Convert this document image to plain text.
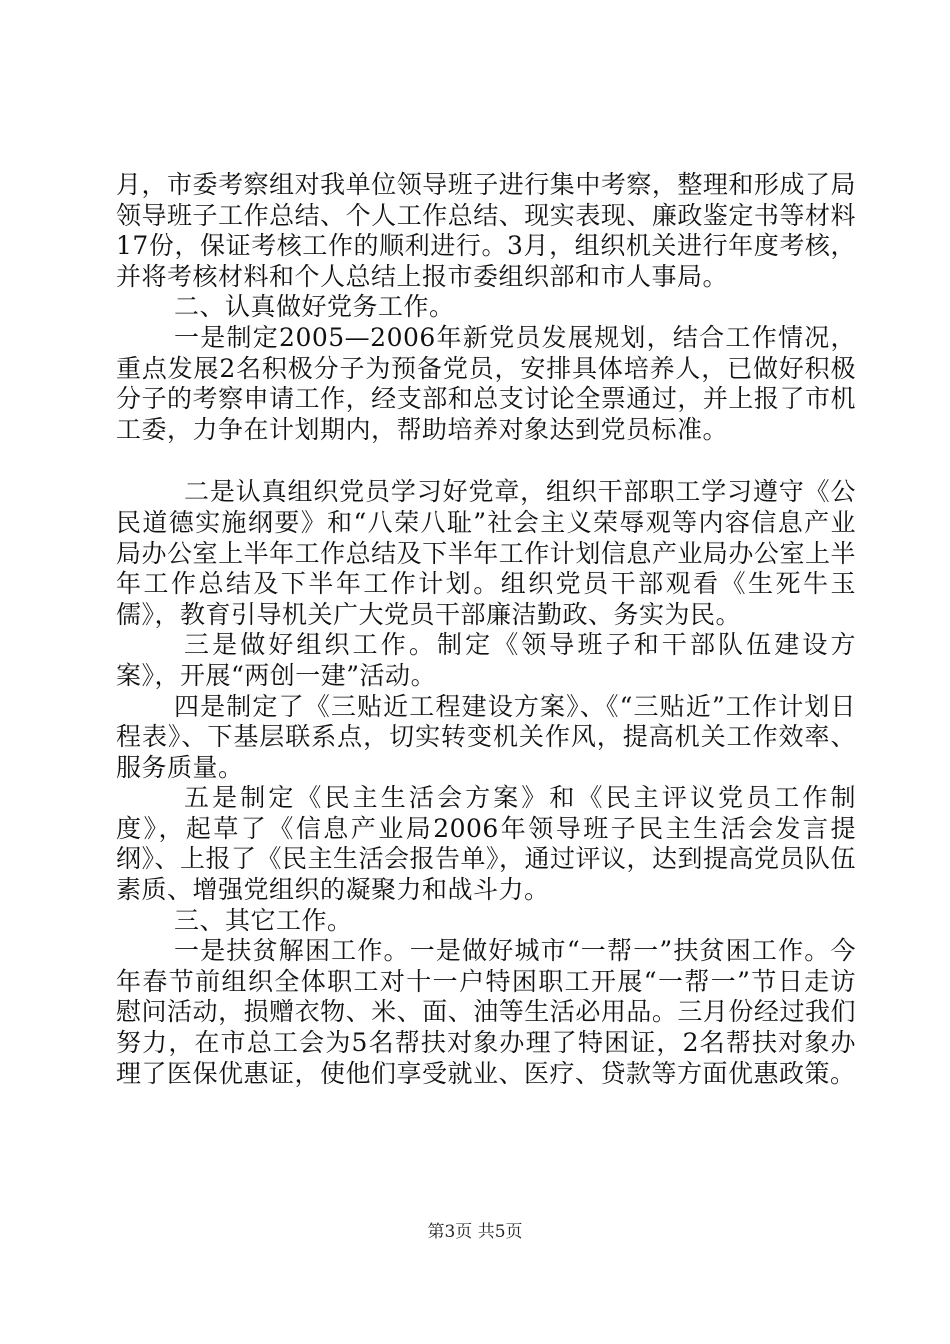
月，市委考察组对我单位领导班子进行集中考察，整理和形成了局领导班子工作总结、个人工作总结、现实表现、廉政鉴定书等材料17份，保证考核工作的顺利进行。3月，组织机关进行年度考核，并将考核材料和个人总结上报市委组织部和市人事局。

二、认真做好党务工作。

一是制定2005—2006年新党员发展规划，结合工作情况，重点发展2名积极分子为预备党员，安排具体培养人，已做好积极分子的考察申请工作，经支部和总支讨论全票通过，并上报了市机工委，力争在计划期内，帮助培养对象达到党员标准。

二是认真组织党员学习好党章，组织干部职工学习遵守《公民道德实施纲要》和“八荣八耻”社会主义荣辱观等内容信息产业局办公室上半年工作总结及下半年工作计划信息产业局办公室上半年工作总结及下半年工作计划。组织党员干部观看《生死牛玉儒》，教育引导机关广大党员干部廉洁勤政、务实为民。

三是做好组织工作。制定《领导班子和干部队伍建设方案》，开展“两创一建”活动。

四是制定了《三贴近工程建设方案》、《“三贴近”工作计划日程表》、下基层联系点，切实转变机关作风，提高机关工作效率、服务质量。

五是制定《民主生活会方案》和《民主评议党员工作制度》，起草了《信息产业局2006年领导班子民主生活会发言提纲》、上报了《民主生活会报告单》，通过评议，达到提高党员队伍素质、增强党组织的凝聚力和战斗力。

三、其它工作。

一是扶贫解困工作。一是做好城市“一帮一”扶贫困工作。今年春节前组织全体职工对十一户特困职工开展“一帮一”节日走访慰问活动，损赠衣物、米、面、油等生活必用品。三月份经过我们努力，在市总工会为5名帮扶对象办理了特困证，2名帮扶对象办理了医保优惠证，使他们享受就业、医疗、贷款等方面优惠政策。

第3页 共5页
